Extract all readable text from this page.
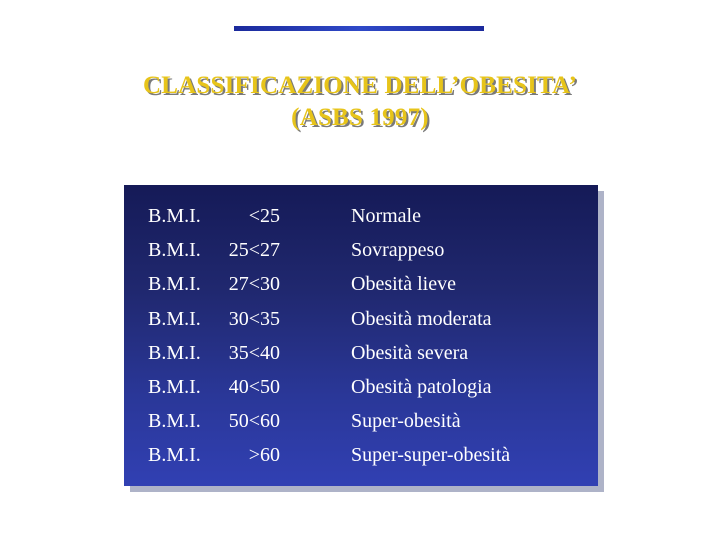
CLASSIFICAZIONE DELL’OBESITA’
(ASBS 1997)
B.M.I.	<25	Normale
B.M.I.	25<27	Sovrappeso
B.M.I.	27<30	Obesità lieve
B.M.I.	30<35	Obesità moderata
B.M.I.	35<40	Obesità severa
B.M.I.	40<50	Obesità patologia
B.M.I.	50<60	Super-obesità
B.M.I.	>60	Super-super-obesità
